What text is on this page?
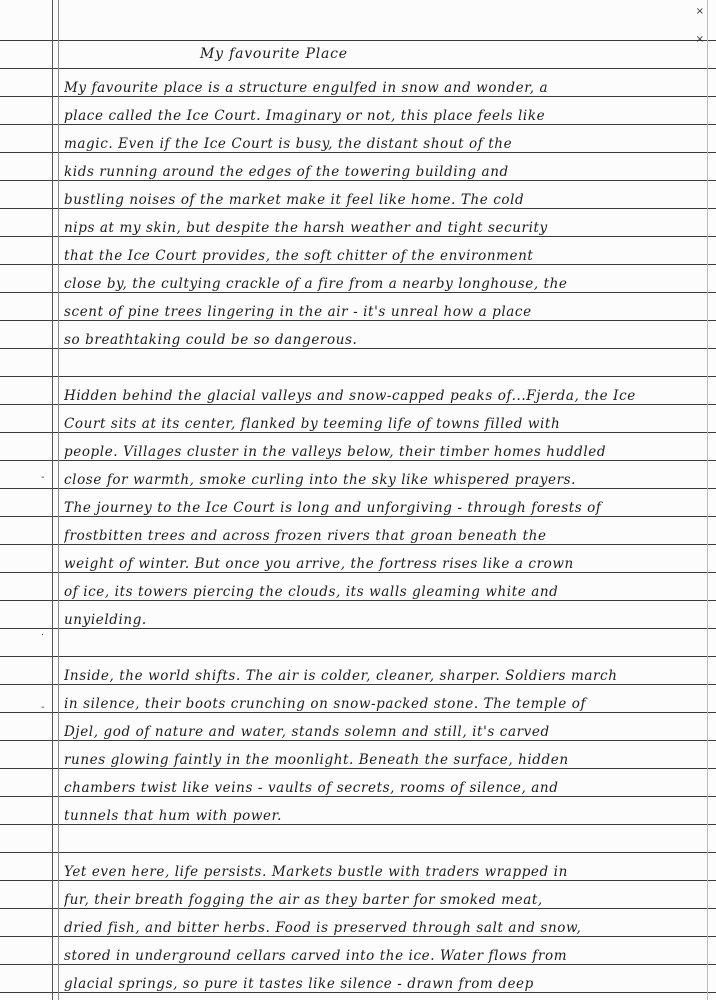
-
·
-
×
×
My favourite Place
My favourite place is a structure engulfed in snow and wonder, a
place called the Ice Court. Imaginary or not, this place feels like
magic. Even if the Ice Court is busy, the distant shout of the
kids running around the edges of the towering building and
bustling noises of the market make it feel like home. The cold
nips at my skin, but despite the harsh weather and tight security
that the Ice Court provides, the soft chitter of the environment
close by, the cultying crackle of a fire from a nearby longhouse, the
scent of pine trees lingering in the air - it's unreal how a place
so breathtaking could be so dangerous.
Hidden behind the glacial valleys and snow-capped peaks of...Fjerda, the Ice
Court sits at its center, flanked by teeming life of towns filled with
people. Villages cluster in the valleys below, their timber homes huddled
close for warmth, smoke curling into the sky like whispered prayers.
The journey to the Ice Court is long and unforgiving - through forests of
frostbitten trees and across frozen rivers that groan beneath the
weight of winter. But once you arrive, the fortress rises like a crown
of ice, its towers piercing the clouds, its walls gleaming white and
unyielding.
Inside, the world shifts. The air is colder, cleaner, sharper. Soldiers march
in silence, their boots crunching on snow-packed stone. The temple of
Djel, god of nature and water, stands solemn and still, it's carved
runes glowing faintly in the moonlight. Beneath the surface, hidden
chambers twist like veins - vaults of secrets, rooms of silence, and
tunnels that hum with power.
Yet even here, life persists. Markets bustle with traders wrapped in
fur, their breath fogging the air as they barter for smoked meat,
dried fish, and bitter herbs. Food is preserved through salt and snow,
stored in underground cellars carved into the ice. Water flows from
glacial springs, so pure it tastes like silence - drawn from deep
